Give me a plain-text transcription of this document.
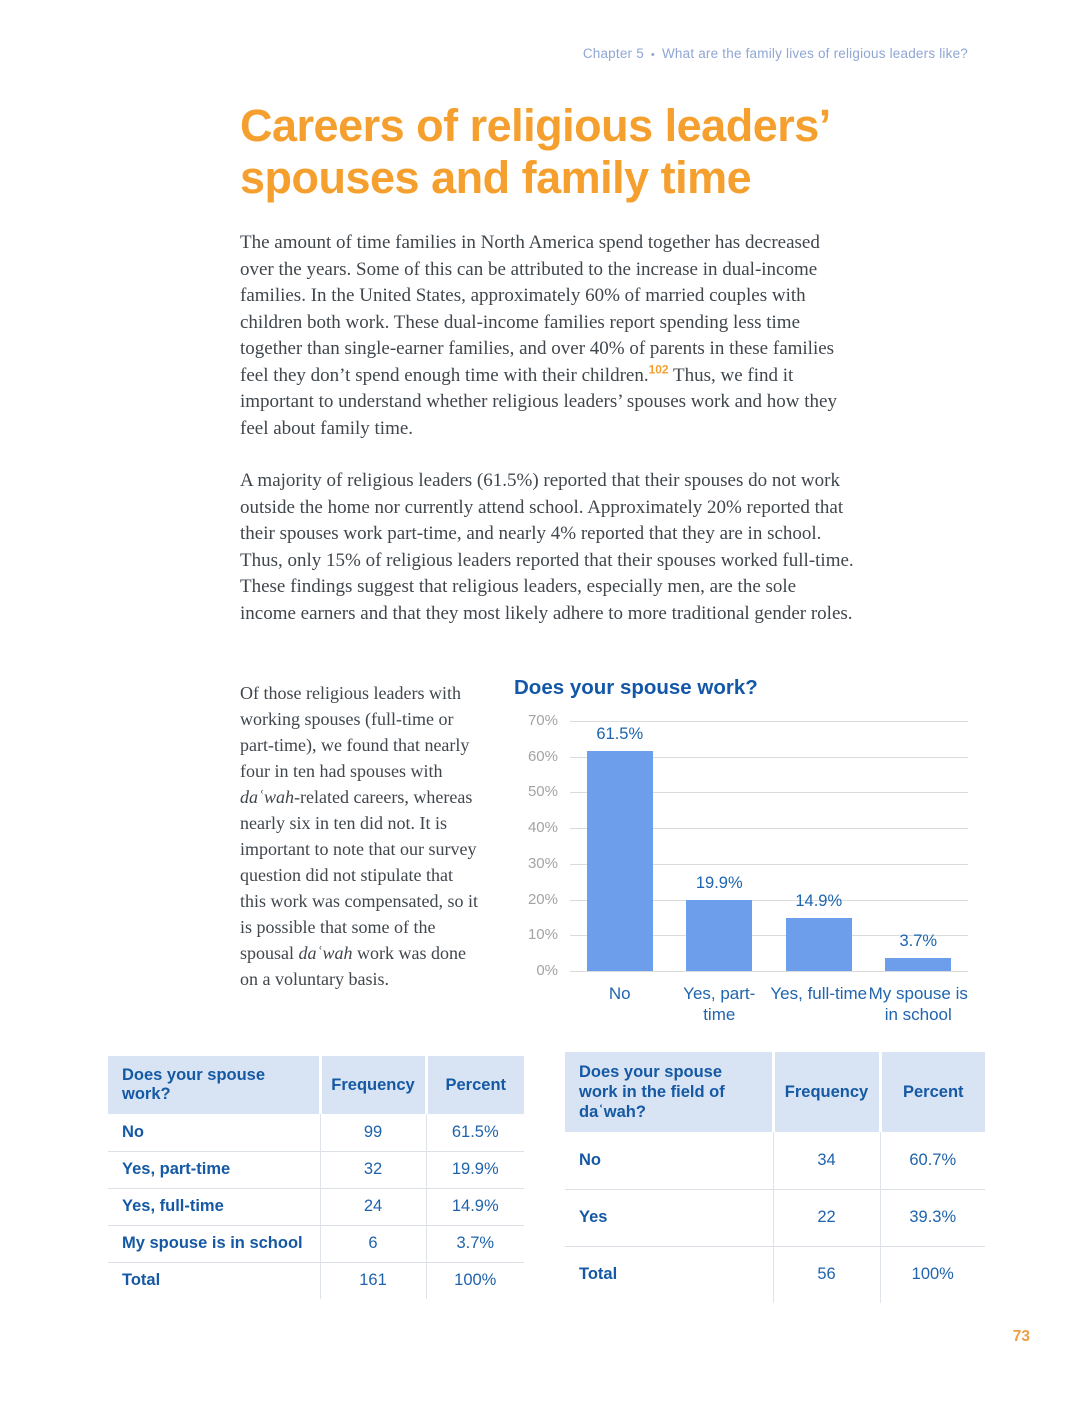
Chapter 5 • What are the family lives of religious leaders like?
Careers of religious leaders’
spouses and family time

The amount of time families in North America spend together has decreased over the years. Some of this can be attributed to the increase in dual-income families. In the United States, approximately 60% of married couples with children both work. These dual-income families report spending less time together than single-earner families, and over 40% of parents in these families feel they don’t spend enough time with their children.$^{102}$ Thus, we find it important to understand whether religious leaders’ spouses work and how they feel about family time.

A majority of religious leaders (61.5%) reported that their spouses do not work outside the home nor currently attend school. Approximately 20% reported that their spouses work part-time, and nearly 4% reported that they are in school. Thus, only 15% of religious leaders reported that their spouses worked full-time. These findings suggest that religious leaders, especially men, are the sole income earners and that they most likely adhere to more traditional gender roles.

Of those religious leaders with working spouses (full-time or part-time), we found that nearly four in ten had spouses with daʿwah-related careers, whereas nearly six in ten did not. It is important to note that our survey question did not stipulate that this work was compensated, so it is possible that some of the spousal daʿwah work was done on a voluntary basis.

Does your spouse work?
70%
60%
50%
40%
30%
20%
10%
0%
61.5%
19.9%
14.9%
3.7%
No	Yes, part-time
Yes, full-time My spouse is in school
Does your spouse work?	Frequency	Percent
No	99	61.5%
Yes, part-time	32	19.9%
Yes, full-time	24	14.9%
My spouse is in school	6	3.7%
Total	161	100%
Does your spouse work in the field of daʿwah?	Frequency	Percent
No	34	60.7%
Yes	22	39.3%
Total	56	100%
73
